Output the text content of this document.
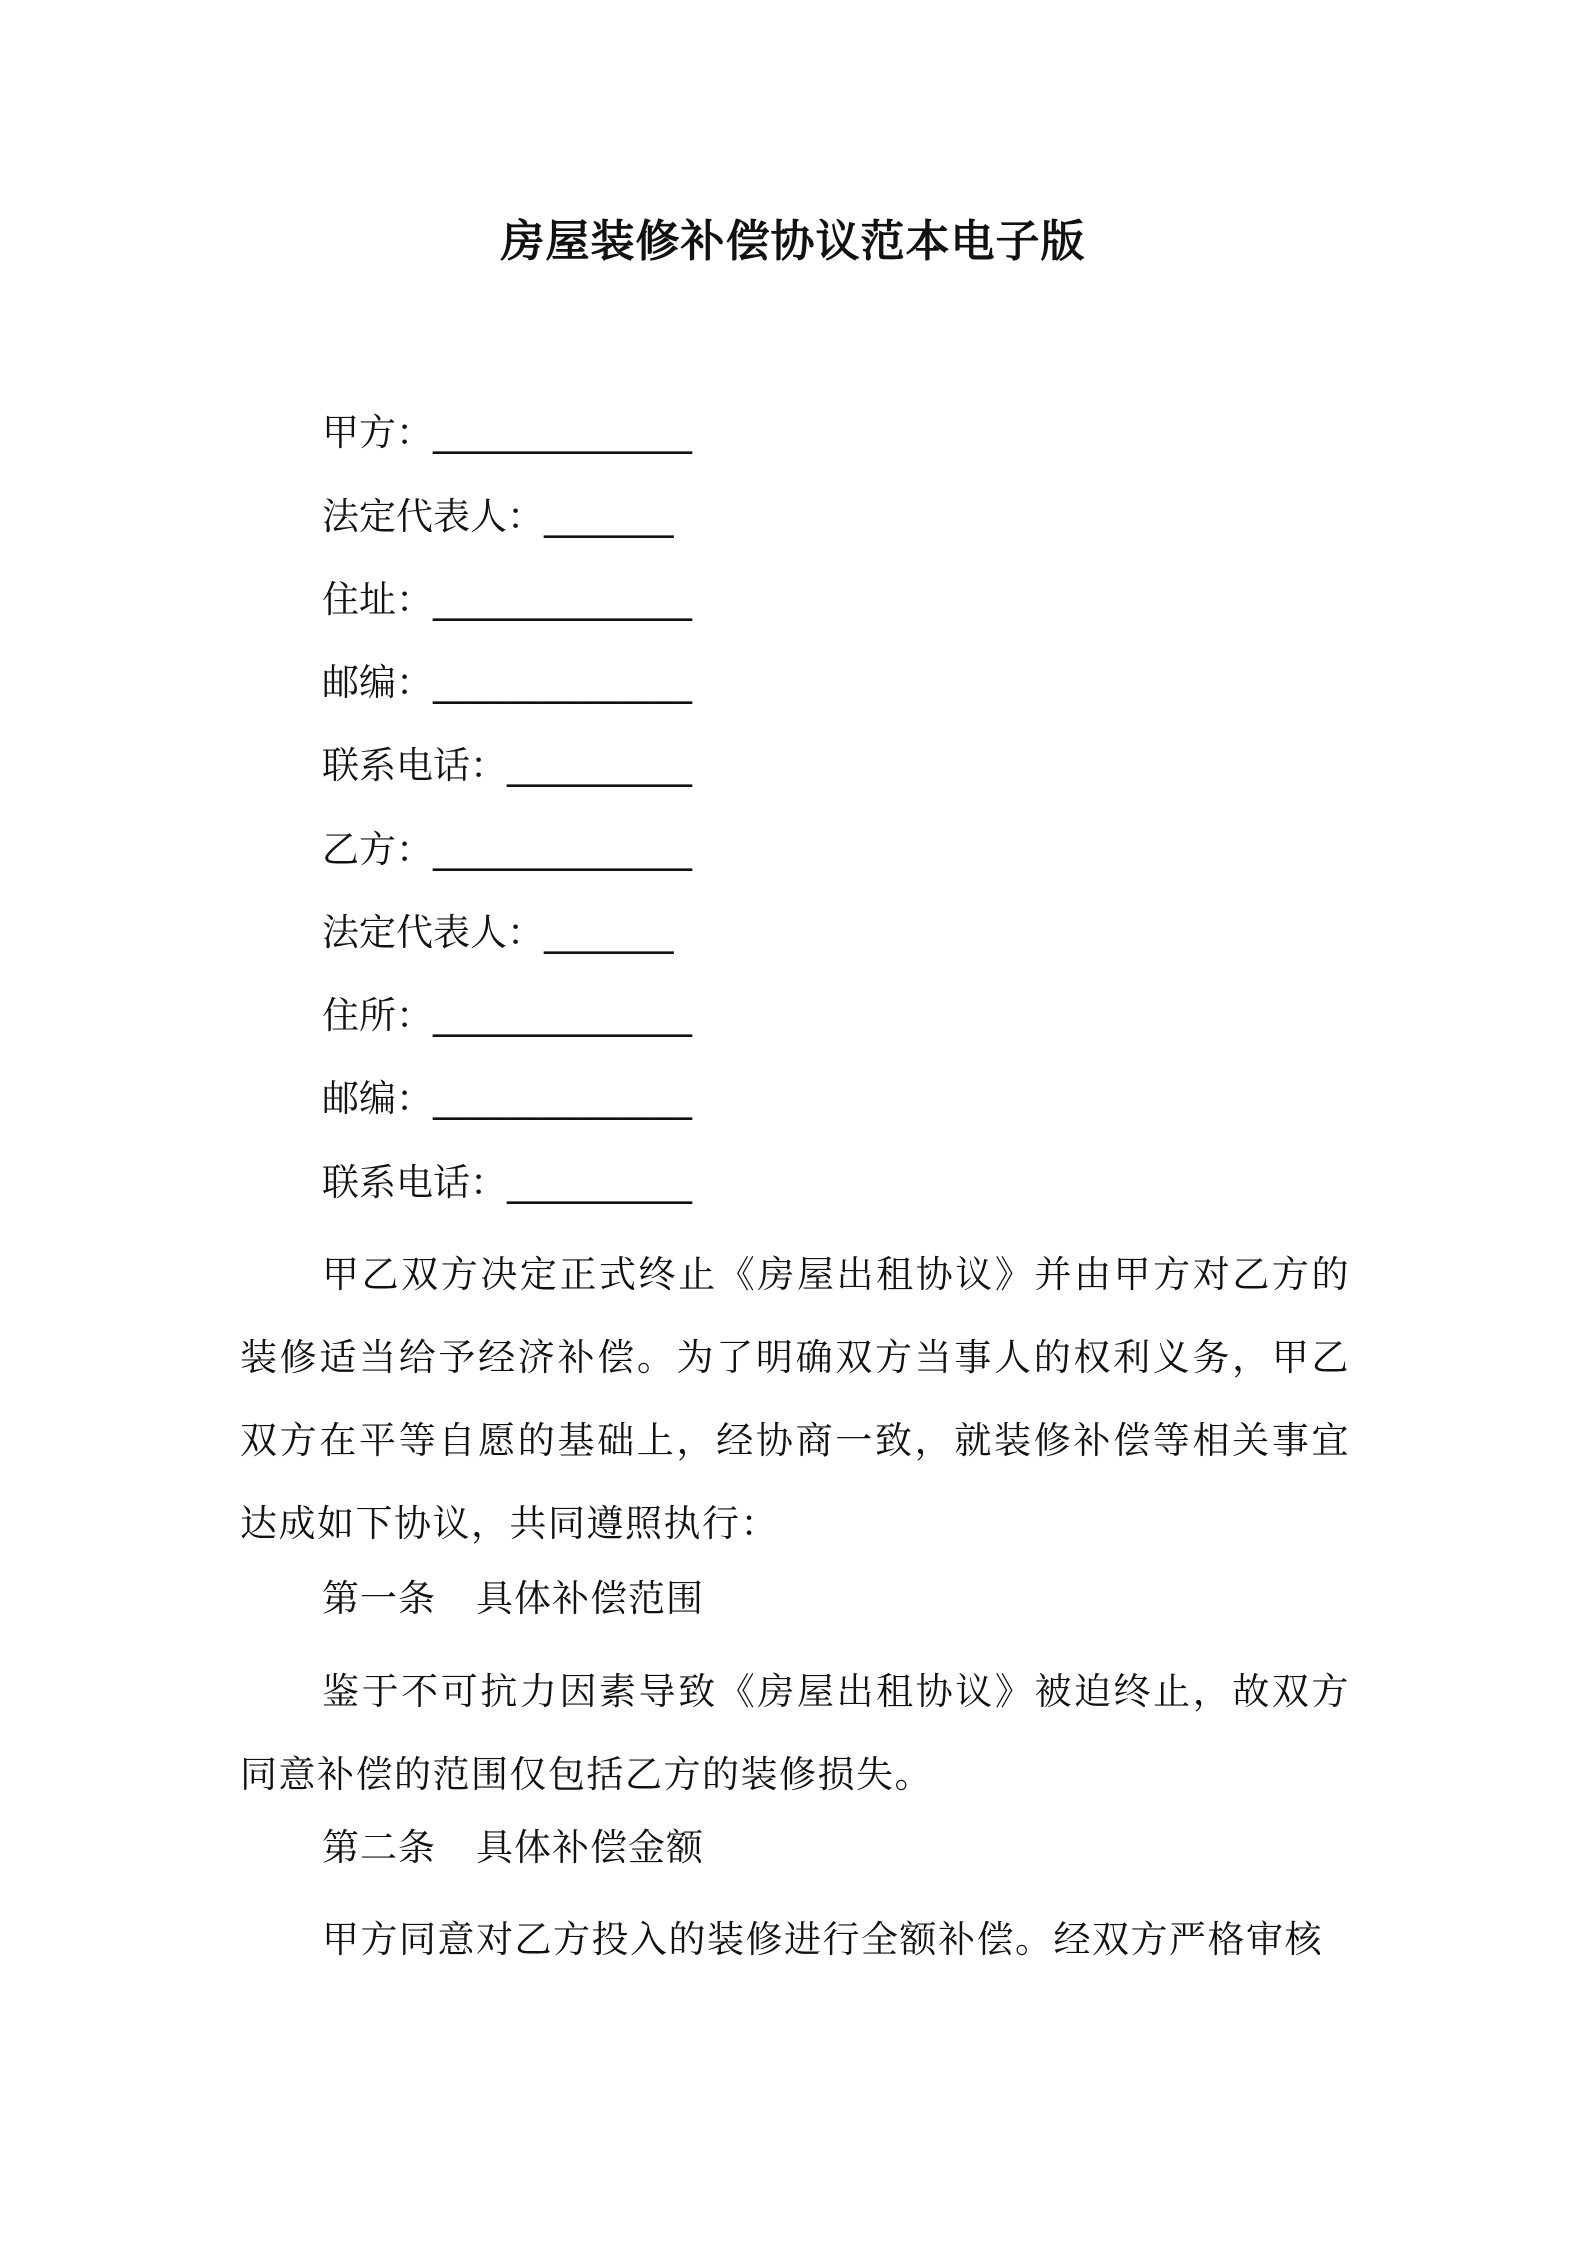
房屋装修补偿协议范本电子版
甲方：______________
法定代表人：_______
住址：______________
邮编：______________
联系电话：__________
乙方：______________
法定代表人：_______
住所：______________
邮编：______________
联系电话：__________
甲乙双方决定正式终止《房屋出租协议》并由甲方对乙方的装修适当给予经济补偿。为了明确双方当事人的权利义务，甲乙双方在平等自愿的基础上，经协商一致，就装修补偿等相关事宜达成如下协议，共同遵照执行：
第一条 具体补偿范围
鉴于不可抗力因素导致《房屋出租协议》被迫终止，故双方同意补偿的范围仅包括乙方的装修损失。
第二条 具体补偿金额
甲方同意对乙方投入的装修进行全额补偿。经双方严格审核
